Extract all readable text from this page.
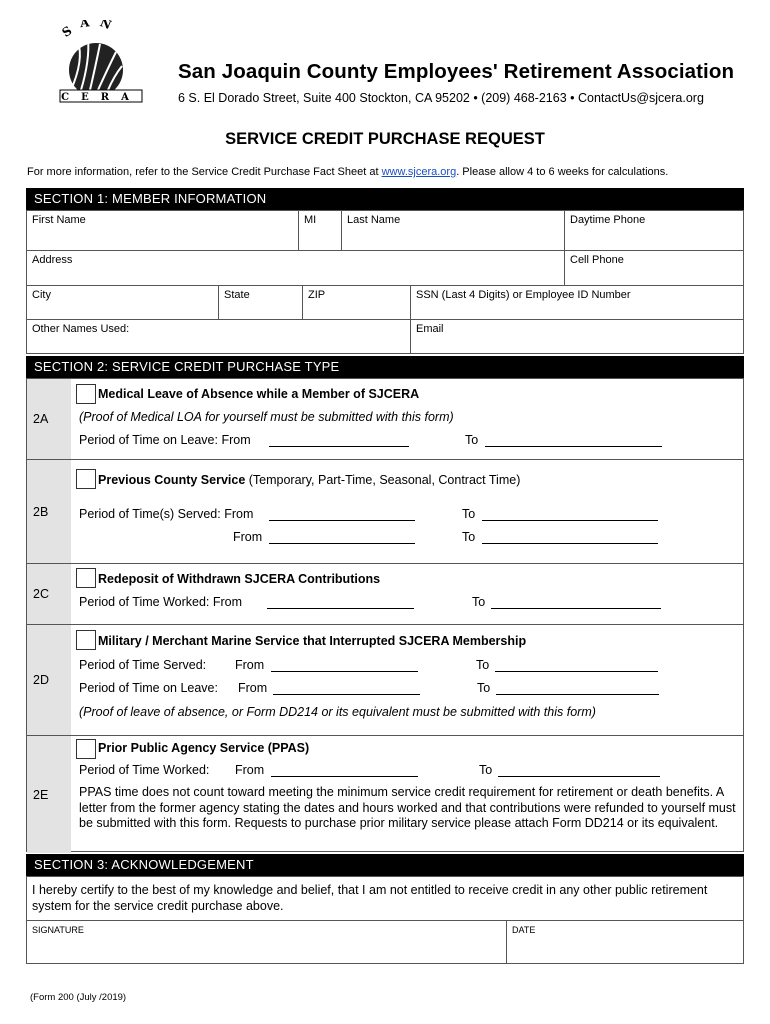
SAN
CERA
San Joaquin County Employees' Retirement Association
6 S. El Dorado Street, Suite 400 Stockton, CA 95202 • (209) 468-2163 • ContactUs@sjcera.org
SERVICE CREDIT PURCHASE REQUEST
For more information, refer to the Service Credit Purchase Fact Sheet at www.sjcera.org. Please allow 4 to 6 weeks for calculations.
SECTION 1: MEMBER INFORMATION
First Name	MI	Last Name	Daytime Phone
Address	Cell Phone
City	State	ZIP	SSN (Last 4 Digits) or Employee ID Number
Other Names Used:	Email
SECTION 2: SERVICE CREDIT PURCHASE TYPE
2A
Medical Leave of Absence while a Member of SJCERA
(Proof of Medical LOA for yourself must be submitted with this form)
Period of Time on Leave: From	To
2B
Previous County Service (Temporary, Part-Time, Seasonal, Contract Time)
Period of Time(s) Served: From	To
From	To
2C
Redeposit of Withdrawn SJCERA Contributions
Period of Time Worked: From	To
2D
Military / Merchant Marine Service that Interrupted SJCERA Membership
Period of Time Served: From	To
Period of Time on Leave: From	To
(Proof of leave of absence, or Form DD214 or its equivalent must be submitted with this form)
2E
Prior Public Agency Service (PPAS)
Period of Time Worked: From	To
PPAS time does not count toward meeting the minimum service credit requirement for retirement or death benefits. A letter from the former agency stating the dates and hours worked and that contributions were refunded to yourself must be submitted with this form. Requests to purchase prior military service please attach Form DD214 or its equivalent.
SECTION 3: ACKNOWLEDGEMENT
I hereby certify to the best of my knowledge and belief, that I am not entitled to receive credit in any other public retirement system for the service credit purchase above.
SIGNATURE	DATE
(Form 200 (July /2019)
